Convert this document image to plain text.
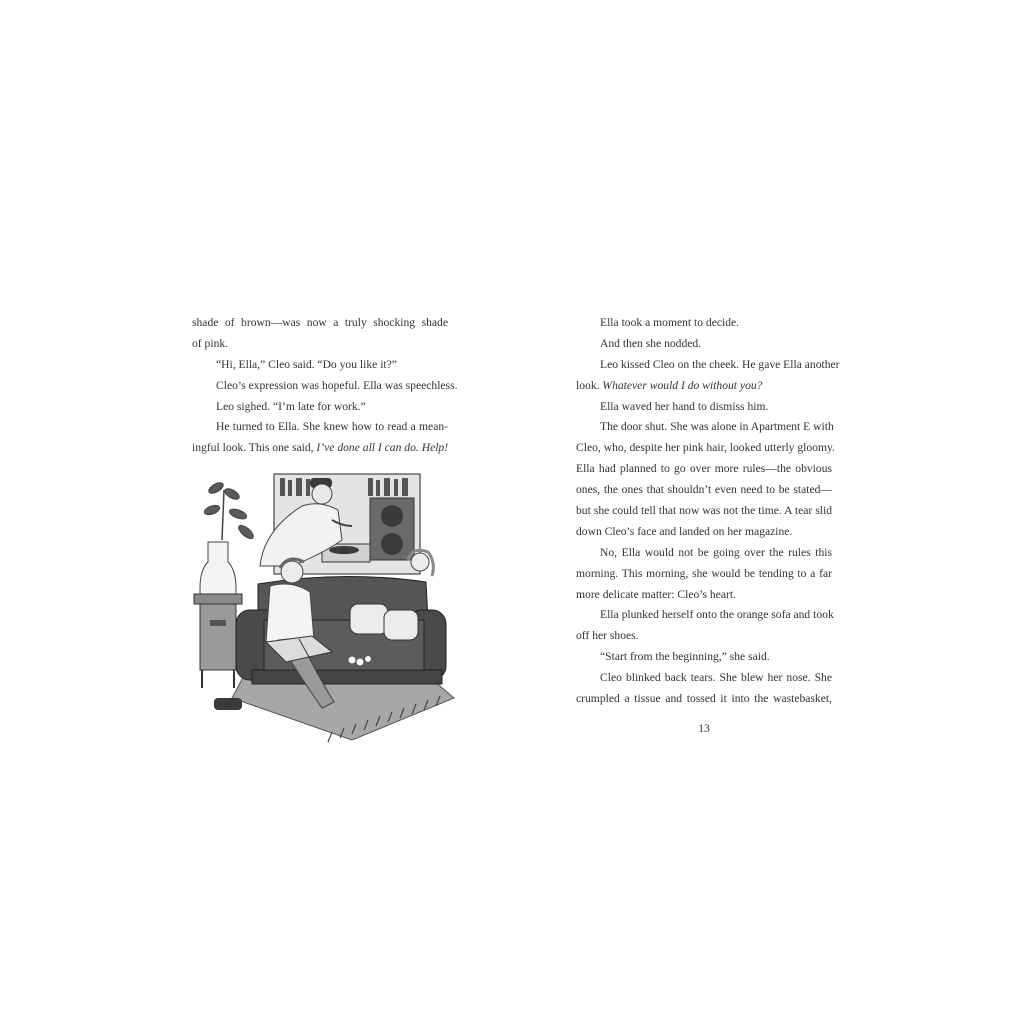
shade of brown—was now a truly shocking shade

of pink.

“Hi, Ella,” Cleo said. “Do you like it?”

Cleo’s expression was hopeful. Ella was speechless.

Leo sighed. “I’m late for work.”

He turned to Ella. She knew how to read a mean-

ingful look. This one said, I’ve done all I can do. Help!

Ella took a moment to decide.

And then she nodded.

Leo kissed Cleo on the cheek. He gave Ella another

look. Whatever would I do without you?

Ella waved her hand to dismiss him.

The door shut. She was alone in Apartment E with

Cleo, who, despite her pink hair, looked utterly gloomy.

Ella had planned to go over more rules—the obvious

ones, the ones that shouldn’t even need to be stated—

but she could tell that now was not the time. A tear slid

down Cleo’s face and landed on her magazine.

No, Ella would not be going over the rules this

morning. This morning, she would be tending to a far

more delicate matter: Cleo’s heart.

Ella plunked herself onto the orange sofa and took

off her shoes.

“Start from the beginning,” she said.

Cleo blinked back tears. She blew her nose. She

crumpled a tissue and tossed it into the wastebasket,

13
